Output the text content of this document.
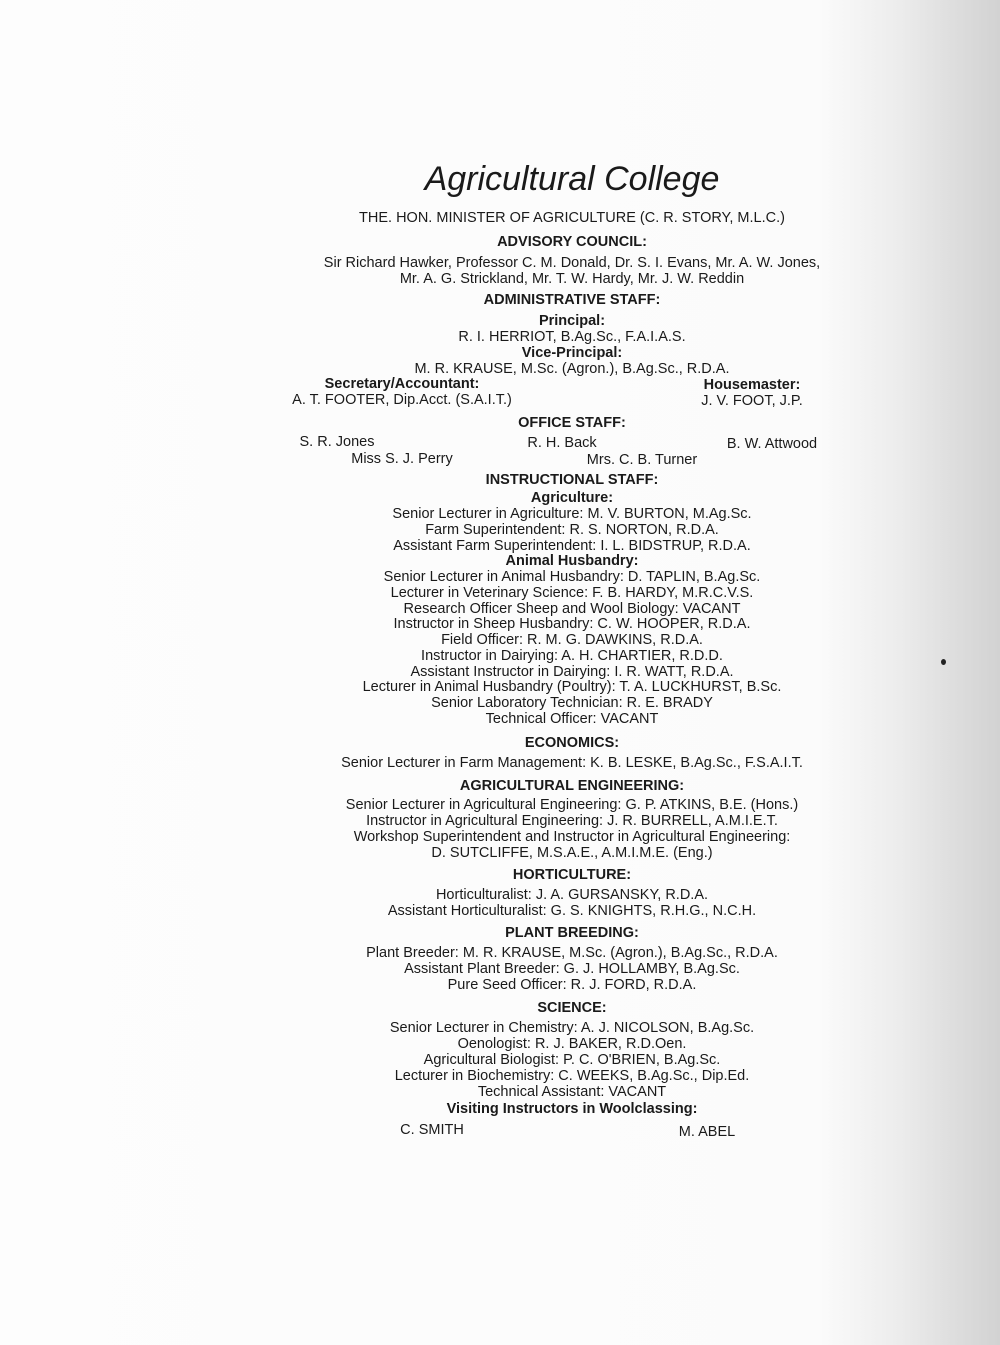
Agricultural College
THE. HON. MINISTER OF AGRICULTURE (C. R. STORY, M.L.C.)
ADVISORY COUNCIL:
Sir Richard Hawker, Professor C. M. Donald, Dr. S. I. Evans, Mr. A. W. Jones,
Mr. A. G. Strickland, Mr. T. W. Hardy, Mr. J. W. Reddin
ADMINISTRATIVE STAFF:
Principal:
R. I. HERRIOT, B.Ag.Sc., F.A.I.A.S.
Vice-Principal:
M. R. KRAUSE, M.Sc. (Agron.), B.Ag.Sc., R.D.A.
Secretary/Accountant:
A. T. FOOTER, Dip.Acct. (S.A.I.T.)
Housemaster:
J. V. FOOT, J.P.
OFFICE STAFF:
S. R. Jones	R. H. Back	B. W. Attwood
Miss S. J. Perry	Mrs. C. B. Turner
INSTRUCTIONAL STAFF:
Agriculture:
Senior Lecturer in Agriculture: M. V. BURTON, M.Ag.Sc.
Farm Superintendent: R. S. NORTON, R.D.A.
Assistant Farm Superintendent: I. L. BIDSTRUP, R.D.A.
Animal Husbandry:
Senior Lecturer in Animal Husbandry: D. TAPLIN, B.Ag.Sc.
Lecturer in Veterinary Science: F. B. HARDY, M.R.C.V.S.
Research Officer Sheep and Wool Biology: VACANT
Instructor in Sheep Husbandry: C. W. HOOPER, R.D.A.
Field Officer: R. M. G. DAWKINS, R.D.A.
Instructor in Dairying: A. H. CHARTIER, R.D.D.
Assistant Instructor in Dairying: I. R. WATT, R.D.A.
Lecturer in Animal Husbandry (Poultry): T. A. LUCKHURST, B.Sc.
Senior Laboratory Technician: R. E. BRADY
Technical Officer: VACANT
ECONOMICS:
Senior Lecturer in Farm Management: K. B. LESKE, B.Ag.Sc., F.S.A.I.T.
AGRICULTURAL ENGINEERING:
Senior Lecturer in Agricultural Engineering: G. P. ATKINS, B.E. (Hons.)
Instructor in Agricultural Engineering: J. R. BURRELL, A.M.I.E.T.
Workshop Superintendent and Instructor in Agricultural Engineering:
D. SUTCLIFFE, M.S.A.E., A.M.I.M.E. (Eng.)
HORTICULTURE:
Horticulturalist: J. A. GURSANSKY, R.D.A.
Assistant Horticulturalist: G. S. KNIGHTS, R.H.G., N.C.H.
PLANT BREEDING:
Plant Breeder: M. R. KRAUSE, M.Sc. (Agron.), B.Ag.Sc., R.D.A.
Assistant Plant Breeder: G. J. HOLLAMBY, B.Ag.Sc.
Pure Seed Officer: R. J. FORD, R.D.A.
SCIENCE:
Senior Lecturer in Chemistry: A. J. NICOLSON, B.Ag.Sc.
Oenologist: R. J. BAKER, R.D.Oen.
Agricultural Biologist: P. C. O'BRIEN, B.Ag.Sc.
Lecturer in Biochemistry: C. WEEKS, B.Ag.Sc., Dip.Ed.
Technical Assistant: VACANT
Visiting Instructors in Woolclassing:
C. SMITH	M. ABEL
